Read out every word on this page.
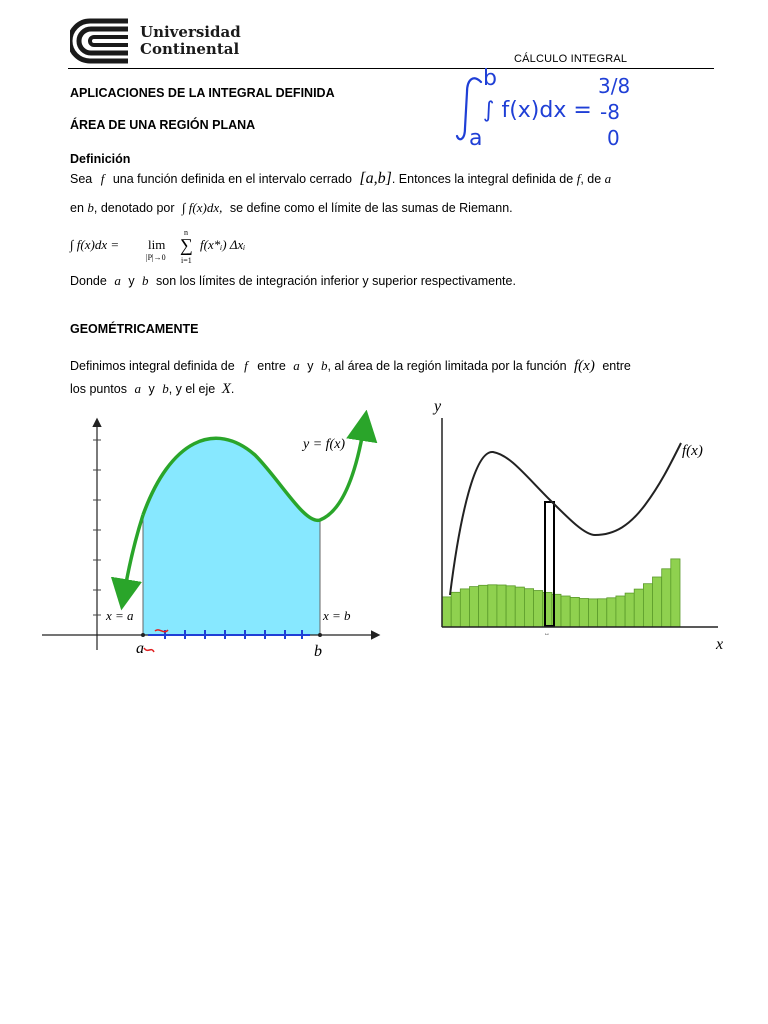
Universidad
Continental
CÁLCULO INTEGRAL
APLICACIONES DE LA INTEGRAL DEFINIDA
ÁREA DE UNA REGIÓN PLANA
b
a
∫ f(x)dx =
3/8
-8
0
Definición
Sea f una función definida en el intervalo cerrado [a,b]. Entonces la integral definida de f, de a
en b, denotado por ∫ f(x)dx, se define como el límite de las sumas de Riemann.
∫ f(x)dx = lim
|P|→0
n
∑
i=1
f(x*ᵢ) Δxᵢ
Donde a y b son los límites de integración inferior y superior respectivamente.
GEOMÉTRICAMENTE
Definimos integral definida de f entre a y b, al área de la región limitada por la función f(x) entre
los puntos a y b, y el eje X.
y = f(x)
x = a	x = b
a	b
y
x
f(x)
↔
